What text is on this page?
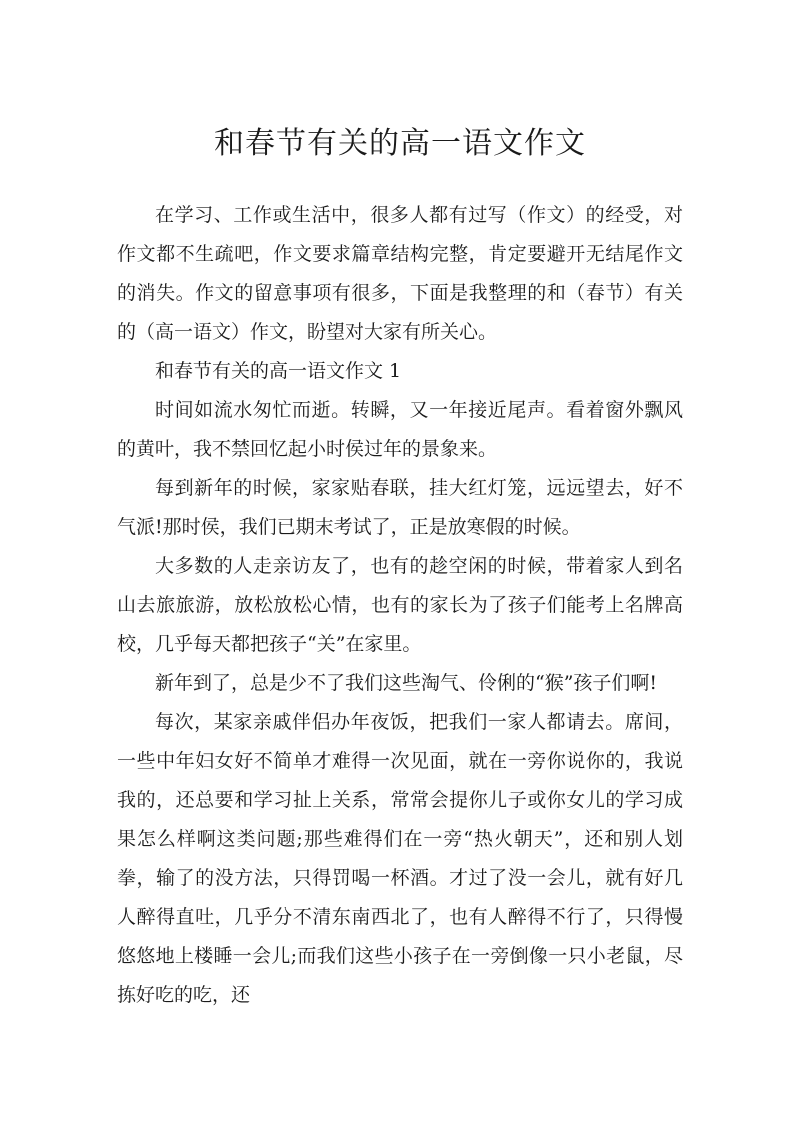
和春节有关的高一语文作文

在学习、工作或生活中，很多人都有过写（作文）的经受，对作文都不生疏吧，作文要求篇章结构完整，肯定要避开无结尾作文的消失。作文的留意事项有很多，下面是我整理的和（春节）有关的（高一语文）作文，盼望对大家有所关心。

和春节有关的高一语文作文 1

时间如流水匆忙而逝。转瞬，又一年接近尾声。看着窗外飘风的黄叶，我不禁回忆起小时侯过年的景象来。

每到新年的时候，家家贴春联，挂大红灯笼，远远望去，好不气派!那时侯，我们已期末考试了，正是放寒假的时候。

大多数的人走亲访友了，也有的趁空闲的时候，带着家人到名山去旅旅游，放松放松心情，也有的家长为了孩子们能考上名牌高校，几乎每天都把孩子“关”在家里。

新年到了，总是少不了我们这些淘气、伶俐的“猴”孩子们啊!

每次，某家亲戚伴侣办年夜饭，把我们一家人都请去。席间，一些中年妇女好不简单才难得一次见面，就在一旁你说你的，我说我的，还总要和学习扯上关系，常常会提你儿子或你女儿的学习成果怎么样啊这类问题;那些难得们在一旁“热火朝天”，还和别人划拳，输了的没方法，只得罚喝一杯酒。才过了没一会儿，就有好几人醉得直吐，几乎分不清东南西北了，也有人醉得不行了，只得慢悠悠地上楼睡一会儿;而我们这些小孩子在一旁倒像一只小老鼠，尽拣好吃的吃，还
